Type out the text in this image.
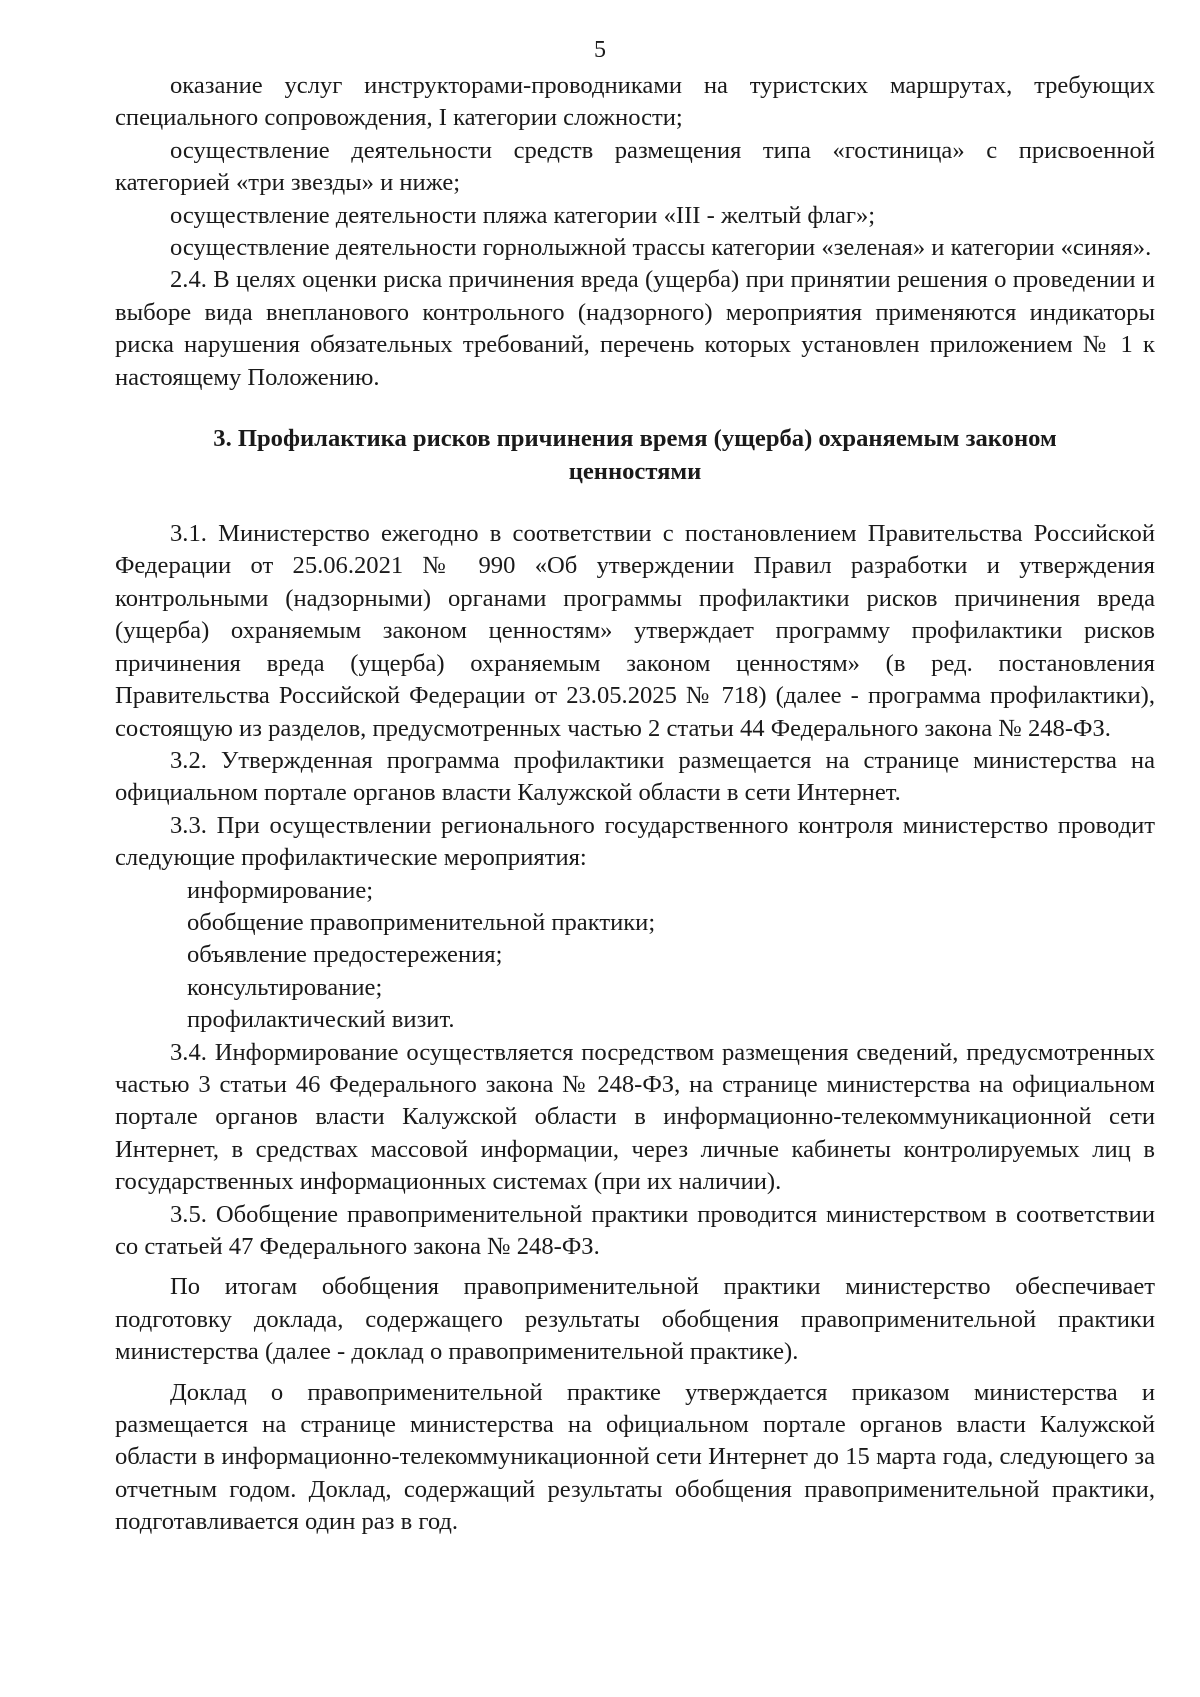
5

оказание услуг инструкторами-проводниками на туристских маршрутах, требующих специального сопровождения, I категории сложности;

осуществление деятельности средств размещения типа «гостиница» с присвоенной категорией «три звезды» и ниже;

осуществление деятельности пляжа категории «III - желтый флаг»;

осуществление деятельности горнолыжной трассы категории «зеленая» и категории «синяя».

2.4. В целях оценки риска причинения вреда (ущерба) при принятии решения о проведении и выборе вида внепланового контрольного (надзорного) мероприятия применяются индикаторы риска нарушения обязательных требований, перечень которых установлен приложением № 1 к настоящему Положению.

3. Профилактика рисков причинения время (ущерба) охраняемым законом ценностями

3.1. Министерство ежегодно в соответствии с постановлением Правительства Российской Федерации от 25.06.2021 № 990 «Об утверждении Правил разработки и утверждения контрольными (надзорными) органами программы профилактики рисков причинения вреда (ущерба) охраняемым законом ценностям» утверждает программу профилактики рисков причинения вреда (ущерба) охраняемым законом ценностям» (в ред. постановления Правительства Российской Федерации от 23.05.2025 № 718) (далее - программа профилактики), состоящую из разделов, предусмотренных частью 2 статьи 44 Федерального закона № 248-ФЗ.

3.2. Утвержденная программа профилактики размещается на странице министерства на официальном портале органов власти Калужской области в сети Интернет.

3.3. При осуществлении регионального государственного контроля министерство проводит следующие профилактические мероприятия:

информирование;

обобщение правоприменительной практики;

объявление предостережения;

консультирование;

профилактический визит.

3.4. Информирование осуществляется посредством размещения сведений, предусмотренных частью 3 статьи 46 Федерального закона № 248-ФЗ, на странице министерства на официальном портале органов власти Калужской области в информационно-телекоммуникационной сети Интернет, в средствах массовой информации, через личные кабинеты контролируемых лиц в государственных информационных системах (при их наличии).

3.5. Обобщение правоприменительной практики проводится министерством в соответствии со статьей 47 Федерального закона № 248-ФЗ.

По итогам обобщения правоприменительной практики министерство обеспечивает подготовку доклада, содержащего результаты обобщения правоприменительной практики министерства (далее - доклад о правоприменительной практике).

Доклад о правоприменительной практике утверждается приказом министерства и размещается на странице министерства на официальном портале органов власти Калужской области в информационно-телекоммуникационной сети Интернет до 15 марта года, следующего за отчетным годом. Доклад, содержащий результаты обобщения правоприменительной практики, подготавливается один раз в год.
